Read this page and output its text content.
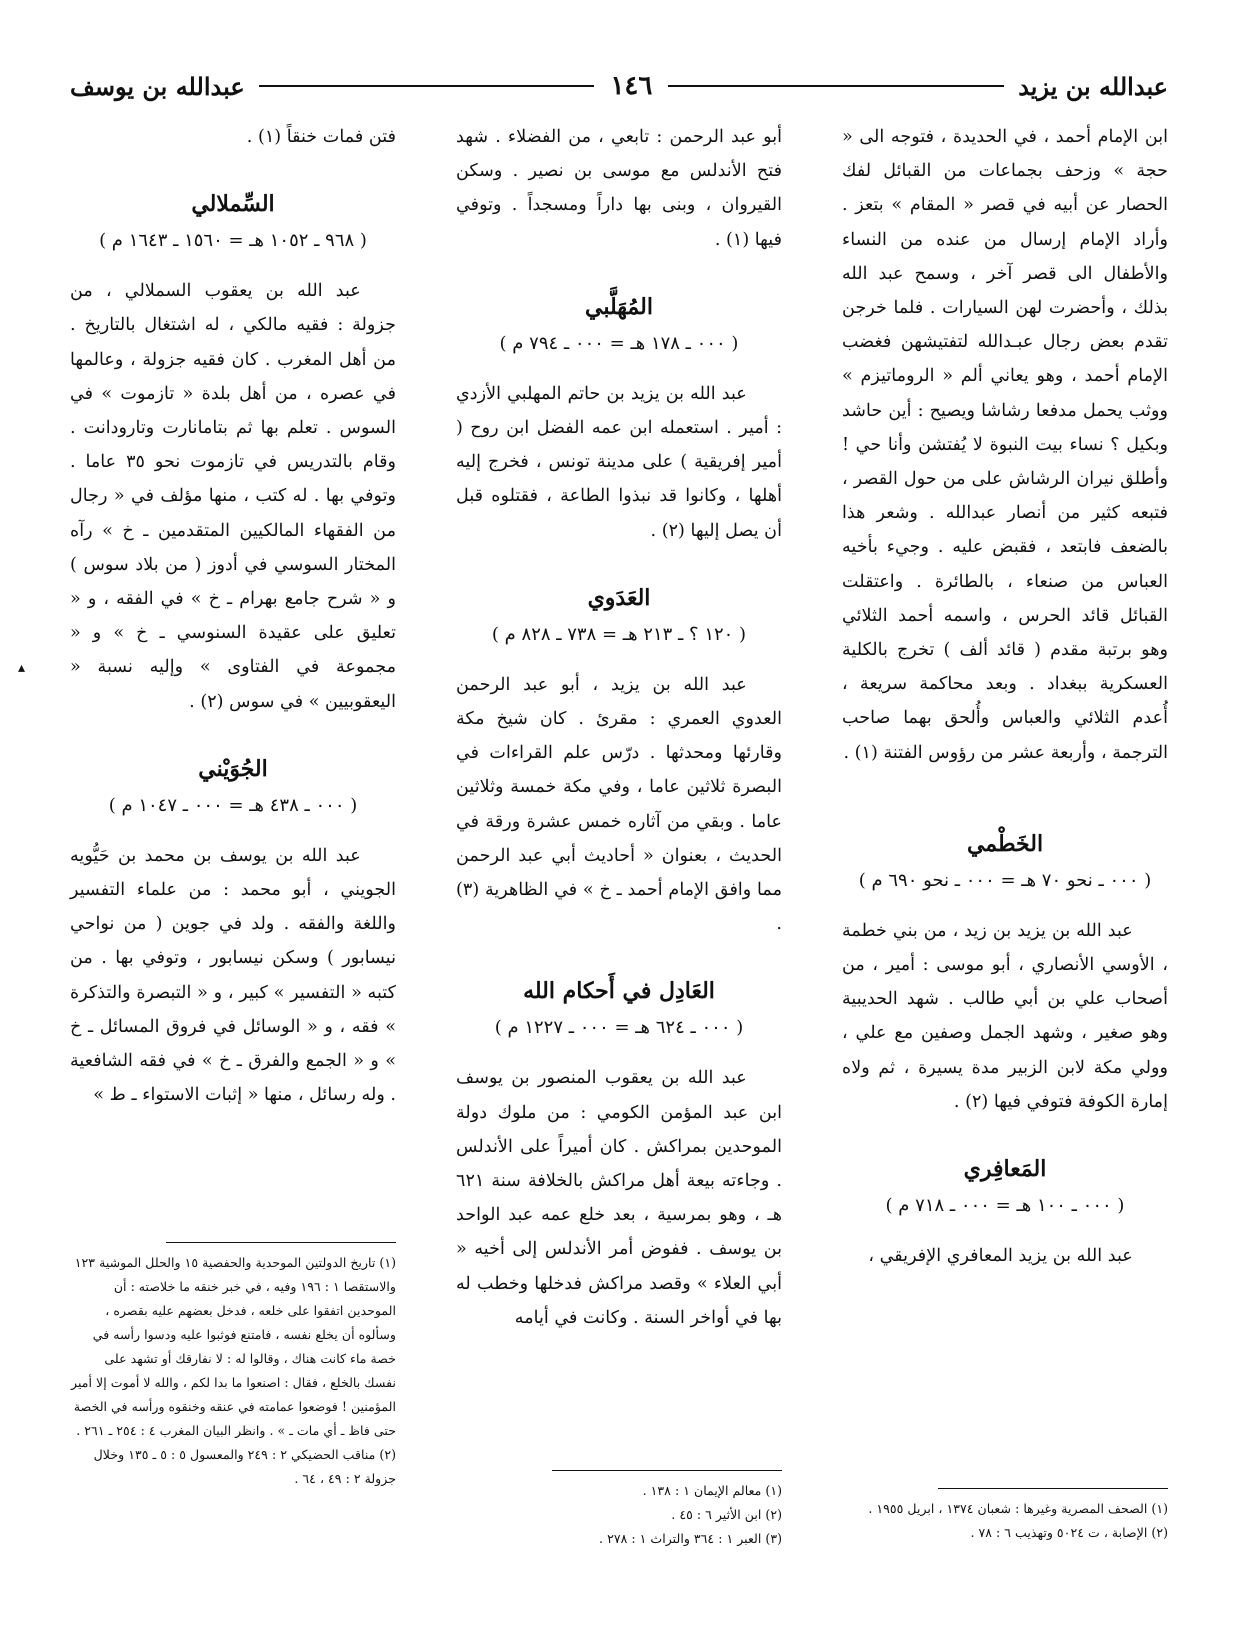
عبدالله بن يزيد
١٤٦
عبدالله بن يوسف

ابن الإمام أحمد ، في الحديدة ، فتوجه الى « حجة » وزحف بجماعات من القبائل لفك الحصار عن أبيه في قصر « المقام » بتعز . وأراد الإمام إرسال من عنده من النساء والأطفال الى قصر آخر ، وسمح عبد الله بذلك ، وأحضرت لهن السيارات . فلما خرجن تقدم بعض رجال عبـدالله لتفتيشهن فغضب الإمام أحمد ، وهو يعاني ألم « الروماتيزم » ووثب يحمل مدفعا رشاشا ويصيح : أين حاشد وبكيل ؟ نساء بيت النبوة لا يُفتشن وأنا حي ! وأطلق نيران الرشاش على من حول القصر ، فتبعه كثير من أنصار عبدالله . وشعر هذا بالضعف فابتعد ، فقبض عليه . وجيء بأخيه العباس من صنعاء ، بالطائرة . واعتقلت القبائل قائد الحرس ، واسمه أحمد الثلائي وهو برتبة مقدم ( قائد ألف ) تخرج بالكلية العسكرية ببغداد . وبعد محاكمة سريعة ، أُعدم الثلائي والعباس وأُلحق بهما صاحب الترجمة ، وأربعة عشر من رؤوس الفتنة (١) .

الخَطْمي
( ٠٠٠ ـ نحو ٧٠ هـ = ٠٠٠ ـ نحو ٦٩٠ م )

عبد الله بن يزيد بن زيد ، من بني خطمة ، الأوسي الأنصاري ، أبو موسى : أمير ، من أصحاب علي بن أبي طالب . شهد الحديبية وهو صغير ، وشهد الجمل وصفين مع علي ، وولي مكة لابن الزبير مدة يسيرة ، ثم ولاه إمارة الكوفة فتوفي فيها (٢) .

المَعافِري
( ٠٠٠ ـ ١٠٠ هـ = ٠٠٠ ـ ٧١٨ م )

عبد الله بن يزيد المعافري الإفريقي ،

أبو عبد الرحمن : تابعي ، من الفضلاء . شهد فتح الأندلس مع موسى بن نصير . وسكن القيروان ، وبنى بها داراً ومسجداً . وتوفي فيها (١) .

المُهَلَّبي
( ٠٠٠ ـ ١٧٨ هـ = ٠٠٠ ـ ٧٩٤ م )

عبد الله بن يزيد بن حاتم المهلبي الأزدي : أمير . استعمله ابن عمه الفضل ابن روح ( أمير إفريقية ) على مدينة تونس ، فخرج إليه أهلها ، وكانوا قد نبذوا الطاعة ، فقتلوه قبل أن يصل إليها (٢) .

العَدَوي
( ١٢٠ ؟ ـ ٢١٣ هـ = ٧٣٨ ـ ٨٢٨ م )

عبد الله بن يزيد ، أبو عبد الرحمن العدوي العمري : مقرئ . كان شيخ مكة وقارئها ومحدثها . درّس علم القراءات في البصرة ثلاثين عاما ، وفي مكة خمسة وثلاثين عاما . وبقي من آثاره خمس عشرة ورقة في الحديث ، بعنوان « أحاديث أبي عبد الرحمن مما وافق الإمام أحمد ـ خ » في الظاهرية (٣) .

العَادِل في أَحكام الله
( ٠٠٠ ـ ٦٢٤ هـ = ٠٠٠ ـ ١٢٢٧ م )

عبد الله بن يعقوب المنصور بن يوسف ابن عبد المؤمن الكومي : من ملوك دولة الموحدين بمراكش . كان أميراً على الأندلس . وجاءته بيعة أهل مراكش بالخلافة سنة ٦٢١ هـ ، وهو بمرسية ، بعد خلع عمه عبد الواحد بن يوسف . ففوض أمر الأندلس إلى أخيه « أبي العلاء » وقصد مراكش فدخلها وخطب له بها في أواخر السنة . وكانت في أيامه

فتن فمات خنقاً (١) .

السِّملالي
( ٩٦٨ ـ ١٠٥٢ هـ = ١٥٦٠ ـ ١٦٤٣ م )

عبد الله بن يعقوب السملالي ، من جزولة : فقيه مالكي ، له اشتغال بالتاريخ . من أهل المغرب . كان فقيه جزولة ، وعالمها في عصره ، من أهل بلدة « تازموت » في السوس . تعلم بها ثم بتامانارت وتارودانت . وقام بالتدريس في تازموت نحو ٣٥ عاما . وتوفي بها . له كتب ، منها مؤلف في « رجال من الفقهاء المالكيين المتقدمين ـ خ » رآه المختار السوسي في أدوز ( من بلاد سوس ) و « شرح جامع بهرام ـ خ » في الفقه ، و « تعليق على عقيدة السنوسي ـ خ » و « مجموعة في الفتاوى » وإليه نسبة « اليعقوبيين » في سوس (٢) .

الجُوَيْني
( ٠٠٠ ـ ٤٣٨ هـ = ٠٠٠ ـ ١٠٤٧ م )

عبد الله بن يوسف بن محمد بن حَيُّويه الجويني ، أبو محمد : من علماء التفسير واللغة والفقه . ولد في جوين ( من نواحي نيسابور ) وسكن نيسابور ، وتوفي بها . من كتبه « التفسير » كبير ، و « التبصرة والتذكرة » فقه ، و « الوسائل في فروق المسائل ـ خ » و « الجمع والفرق ـ خ » في فقه الشافعية . وله رسائل ، منها « إثبات الاستواء ـ ط »

(١) الصحف المصرية وغيرها : شعبان ١٣٧٤ ، ابريل ١٩٥٥ .

(٢) الإصابة ، ت ٥٠٢٤ وتهذيب ٦ : ٧٨ .

(١) معالم الإيمان ١ : ١٣٨ .

(٢) ابن الأثير ٦ : ٤٥ .

(٣) العبر ١ : ٣٦٤ والتراث ١ : ٢٧٨ .

(١) تاريخ الدولتين الموحدية والحفصية ١٥ والحلل الموشية ١٢٣ والاستقصا ١ : ١٩٦ وفيه ، في خبر خنقه ما خلاصته : أن الموحدين اتفقوا على خلعه ، فدخل بعضهم عليه بقصره ، وسألوه أن يخلع نفسه ، فامتنع فوثبوا عليه ودسوا رأسه في خصة ماء كانت هناك ، وقالوا له : لا نفارقك أو تشهد على نفسك بالخلع ، فقال : اصنعوا ما بدا لكم ، والله لا أموت إلا أمير المؤمنين ! فوضعوا عمامته في عنقه وخنقوه ورأسه في الخصة حتى فاظ ـ أي مات ـ » . وانظر البيان المغرب ٤ : ٢٥٤ ـ ٢٦١ .

(٢) مناقب الحضيكي ٢ : ٢٤٩ والمعسول ٥ : ٥ ـ ١٣٥ وخلال جزولة ٢ : ٤٩ ، ٦٤ .

▴
